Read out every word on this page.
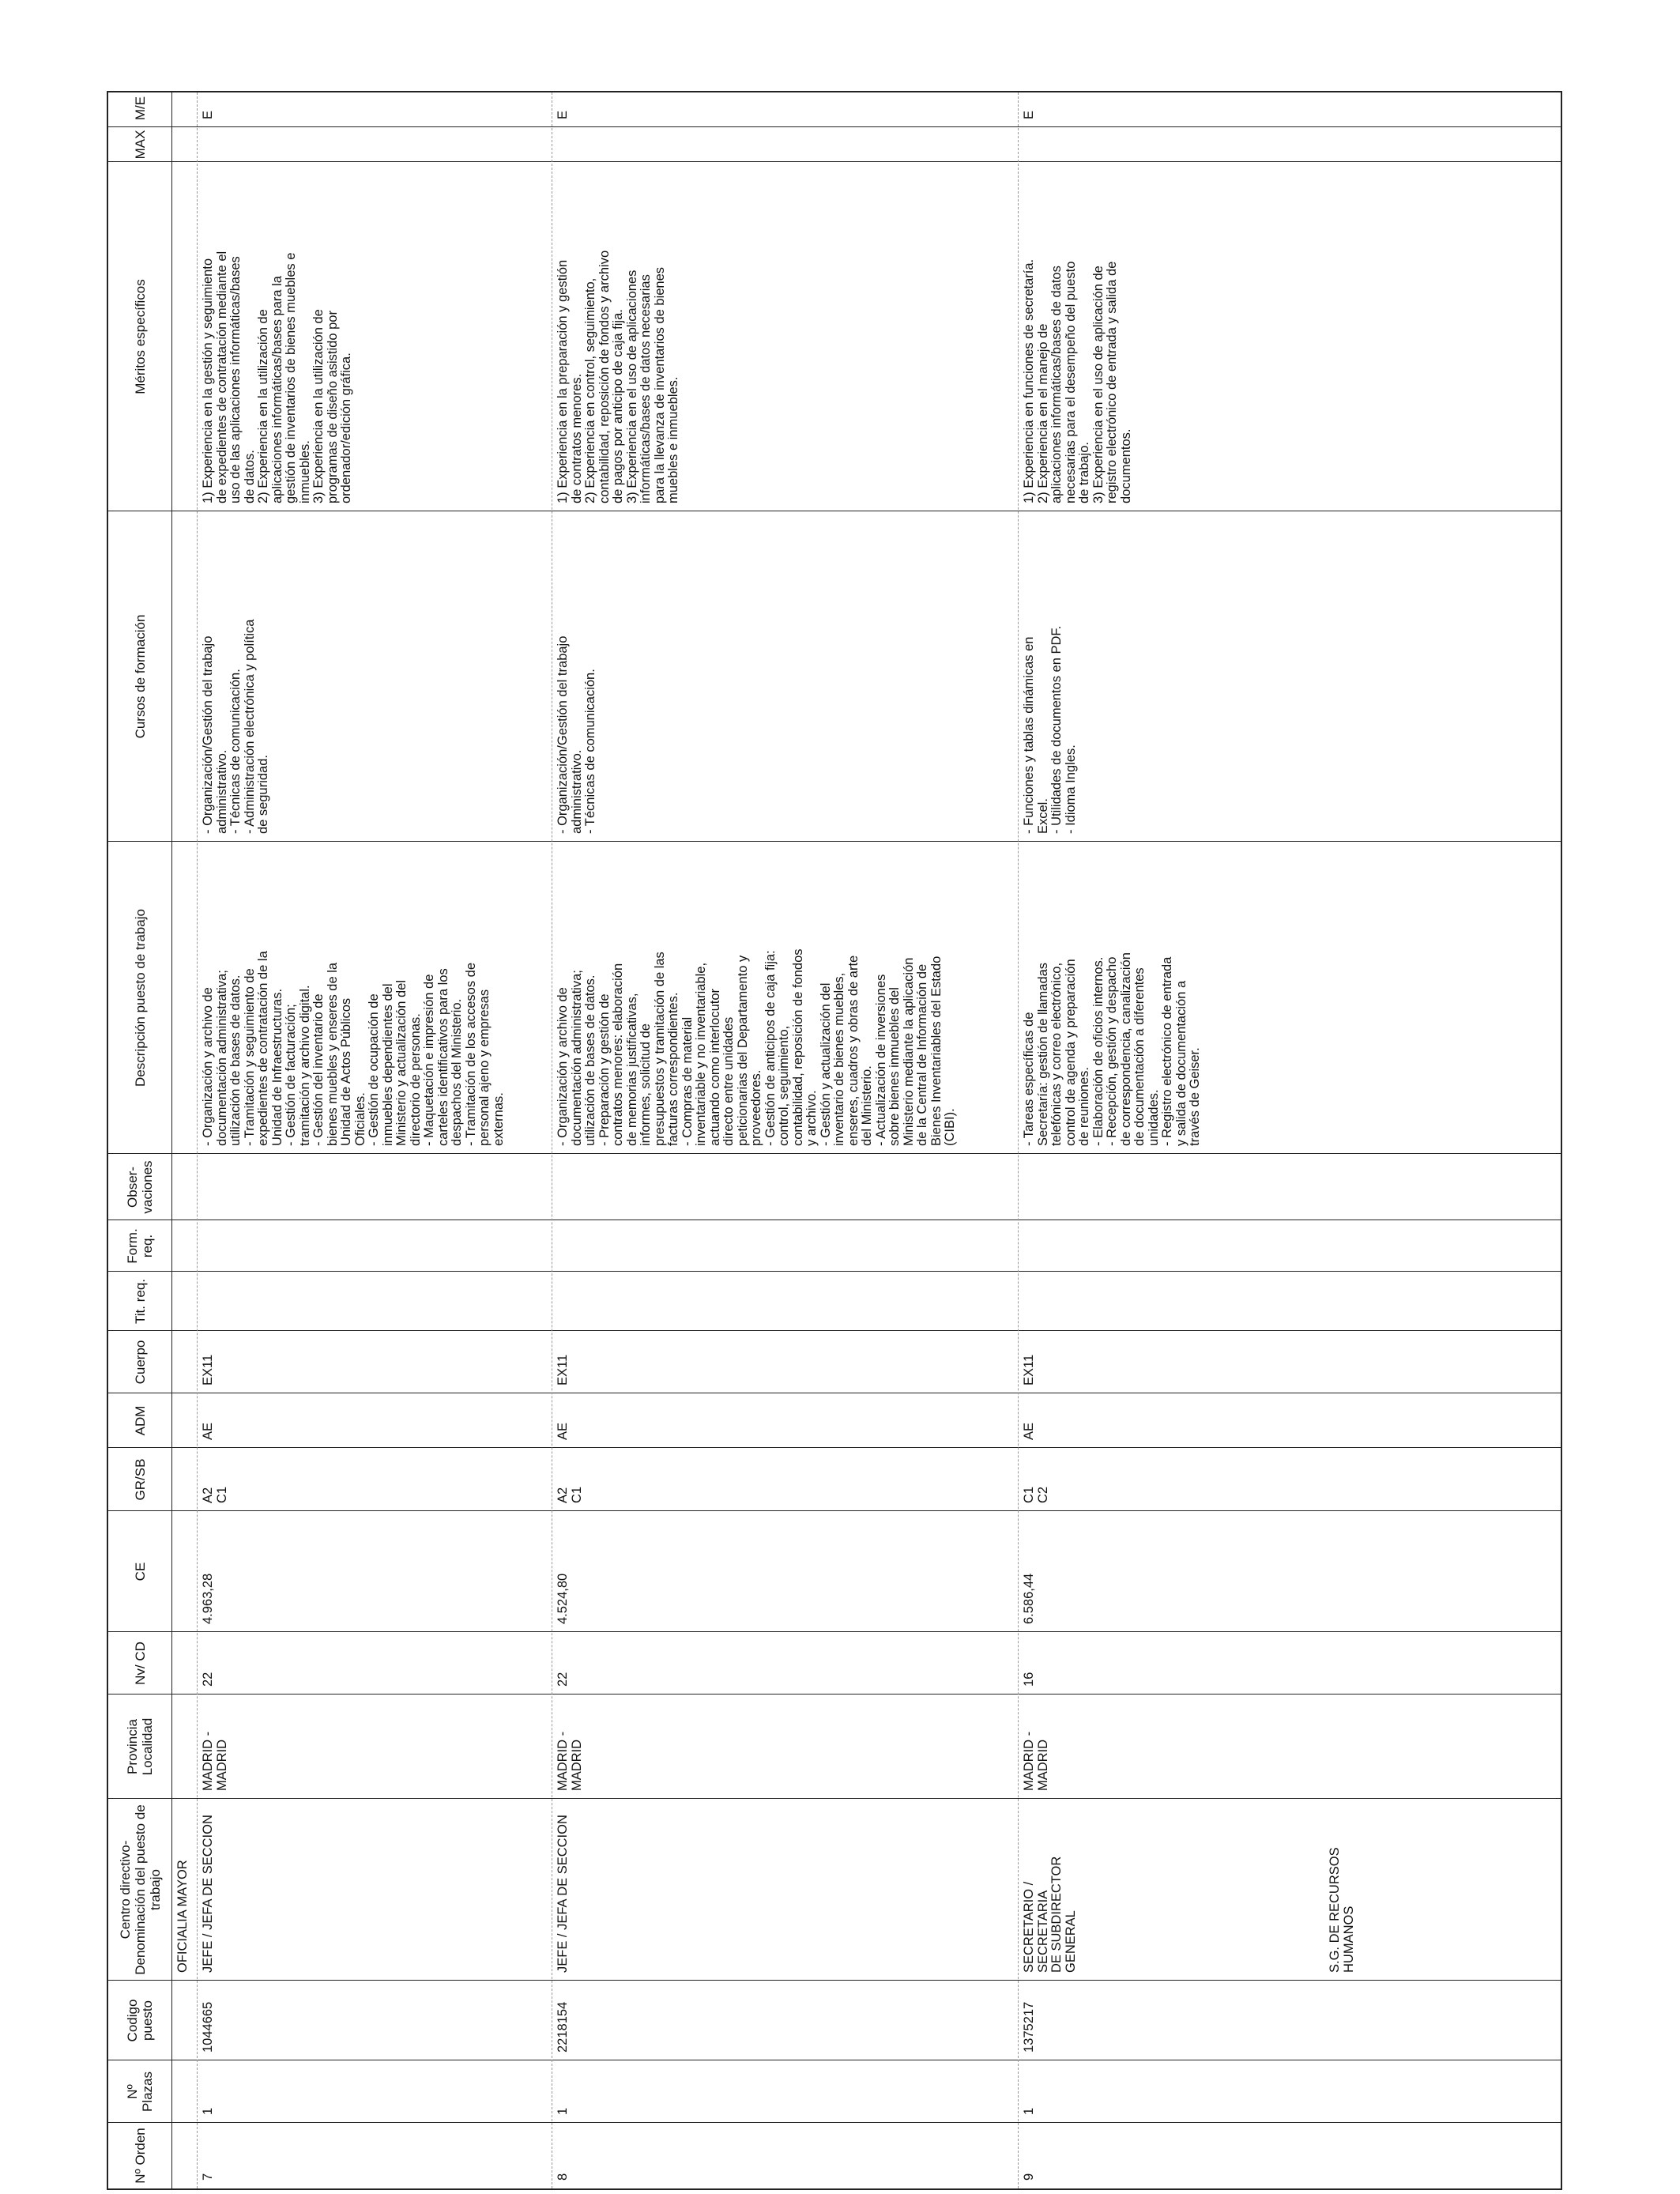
Nº Orden
Nº Plazas
Codigo puesto
Centro directivo- Denominación del puesto de trabajo
Provincia Localidad
Nv/ CD
CE
GR/SB
ADM
Cuerpo
Tit. req.
Form. req.
Obser- vaciones
Descripción puesto de trabajo
Cursos de formación
Méritos específicos
MAX
M/E
OFICIALIA MAYOR	S.G. DE RECURSOS
HUMANOS
7
1
1044665
JEFE / JEFA DE SECCION
MADRID -
MADRID
22
4.963,28
A2
C1
AE
EX11
- Organización y archivo de
documentación administrativa;
utilización de bases de datos.
- Tramitación y seguimiento de
expedientes de contratación de la
Unidad de Infraestructuras.
- Gestión de facturación;
tramitación y archivo digital.
- Gestión del inventario de
bienes muebles y enseres de la
Unidad de Actos Públicos
Oficiales.
- Gestión de ocupación de
inmuebles dependientes del
Ministerio y actualización del
directorio de personas.
- Maquetación e impresión de
carteles identificativos para los
despachos del Ministerio.
- Tramitación de los accesos de
personal ajeno y empresas
externas.
- Organización/Gestión del trabajo
administrativo.
- Técnicas de comunicación.
- Administración electrónica y política
de seguridad.
1) Experiencia en la gestión y seguimiento
de expedientes de contratación mediante el
uso de las aplicaciones informáticas/bases
de datos.
2) Experiencia en la utilización de
aplicaciones informáticas/bases para la
gestión de inventarios de bienes muebles e
inmuebles.
3) Experiencia en la utilización de
programas de diseño asistido por
ordenador/edición gráfica.
E
8
1
2218154
JEFE / JEFA DE SECCION
MADRID -
MADRID
22
4.524,80
A2
C1
AE
EX11
- Organización y archivo de
documentación administrativa;
utilización de bases de datos.
- Preparación y gestión de
contratos menores: elaboración
de memorias justificativas,
informes, solicitud de
presupuestos y tramitación de las
facturas correspondientes.
- Compras de material
inventariable y no inventariable,
actuando como interlocutor
directo entre unidades
peticionarias del Departamento y
proveedores.
- Gestión de anticipos de caja fija:
control, seguimiento,
contabilidad, reposición de fondos
y archivo.
- Gestión y actualización del
inventario de bienes muebles,
enseres, cuadros y obras de arte
del Ministerio.
- Actualización de inversiones
sobre bienes inmuebles del
Ministerio mediante la aplicación
de la Central de Información de
Bienes Inventariables del Estado
(CIBI).
- Organización/Gestión del trabajo
administrativo.
- Técnicas de comunicación.
1) Experiencia en la preparación y gestión
de contratos menores.
2) Experiencia en control, seguimiento,
contabilidad, reposición de fondos y archivo
de pagos por anticipo de caja fija.
3) Experiencia en el uso de aplicaciones
informáticas/bases de datos necesarias
para la llevanza de inventarios de bienes
muebles e inmuebles.
E
9
1
1375217
SECRETARIO / SECRETARIA
DE SUBDIRECTOR GENERAL
MADRID -
MADRID
16
6.586,44
C1
C2
AE
EX11
- Tareas específicas de
Secretaría: gestión de llamadas
telefónicas y correo electrónico,
control de agenda y preparación
de reuniones.
- Elaboración de oficios internos.
- Recepción, gestión y despacho
de correspondencia, canalización
de documentación a diferentes
unidades.
- Registro electrónico de entrada
y salida de documentación a
través de Geiser.
- Funciones y tablas dinámicas en
Excel.
- Utilidades de documentos en PDF.
- Idioma Ingles.
1) Experiencia en funciones de secretaría.
2) Experiencia en el manejo de
aplicaciones informáticas/bases de datos
necesarias para el desempeño del puesto
de trabajo.
3) Experiencia en el uso de aplicación de
registro electrónico de entrada y salida de
documentos.
E
